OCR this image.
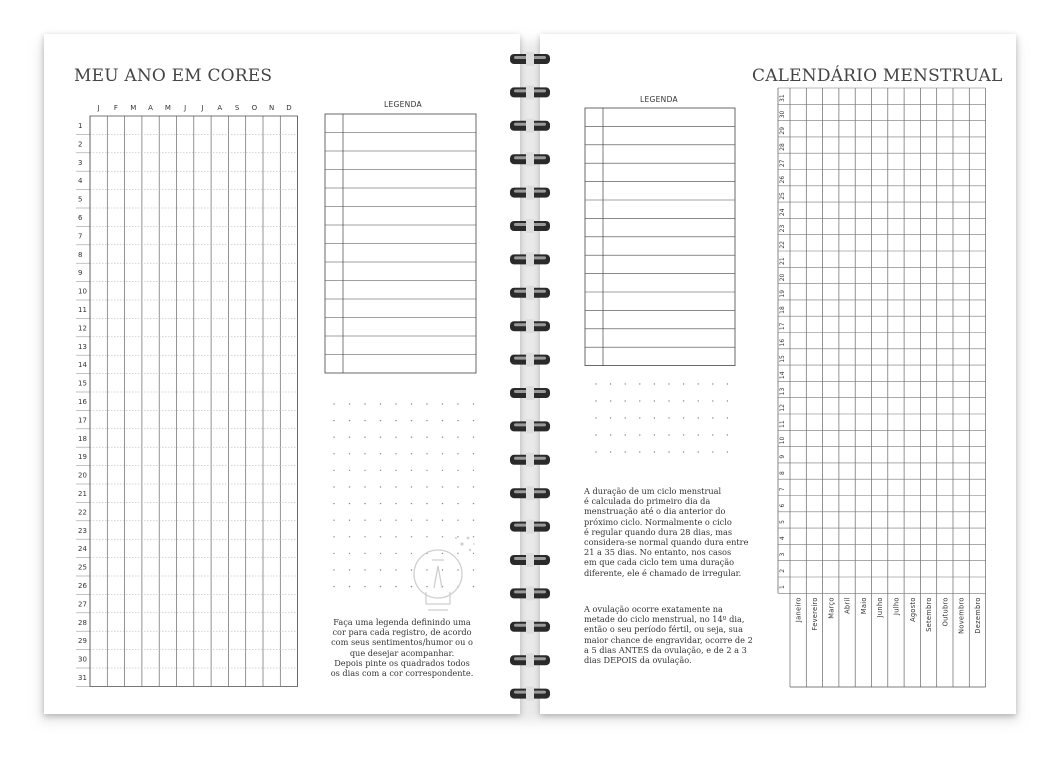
MEU ANO EM CORES
J F M A M J J A S O N D
1
2
3
4
5
6
7
8
9
10
11
12
13
14
15
16
17
18
19
20
21
22
23
24
25
26
27
28
29
30
31
LEGENDA
Faça uma legenda definindo uma
cor para cada registro, de acordo
com seus sentimentos/humor ou o
que desejar acompanhar.
Depois pinte os quadrados todos
os dias com a cor correspondente.
CALENDÁRIO MENSTRUAL
LEGENDA
A duração de um ciclo menstrual
é calculada do primeiro dia da
menstruação até o dia anterior do
próximo ciclo. Normalmente o ciclo
é regular quando dura 28 dias, mas
considera-se normal quando dura entre
21 a 35 dias. No entanto, nos casos
em que cada ciclo tem uma duração
diferente, ele é chamado de irregular.
A ovulação ocorre exatamente na
metade do ciclo menstrual, no 14º dia,
então o seu período fértil, ou seja, sua
maior chance de engravidar, ocorre de 2
a 5 dias ANTES da ovulação, e de 2 a 3
dias DEPOIS da ovulação.
1
2
3
4
5
6
7
8
9
10
11
12
13
14
15
16
17
18
19
20
21
22
23
24
25
26
27
28
29
30
31
Janeiro Fevereiro Março Abril Maio Junho Julho Agosto Setembro Outubro Novembro Dezembro
